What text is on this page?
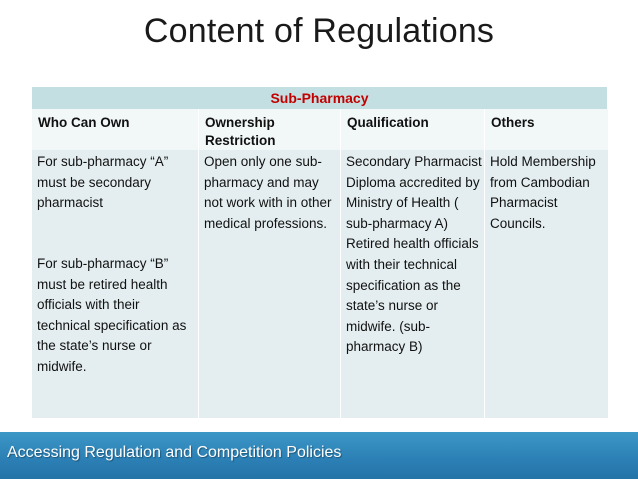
Content of Regulations
Sub-Pharmacy
Who Can Own

For sub-pharmacy “A” must be secondary pharmacist

For sub-pharmacy “B” must be retired health officials with their technical specification as the state’s nurse or midwife.

Ownership Restriction

Open only one sub-pharmacy and may not work with in other medical professions.

Qualification

Secondary Pharmacist Diploma accredited by Ministry of Health ( sub-pharmacy A) Retired health officials with their technical specification as the state’s nurse or midwife. (sub-pharmacy B)

Others

Hold Membership from Cambodian Pharmacist Councils.

Accessing Regulation and Competition Policies
